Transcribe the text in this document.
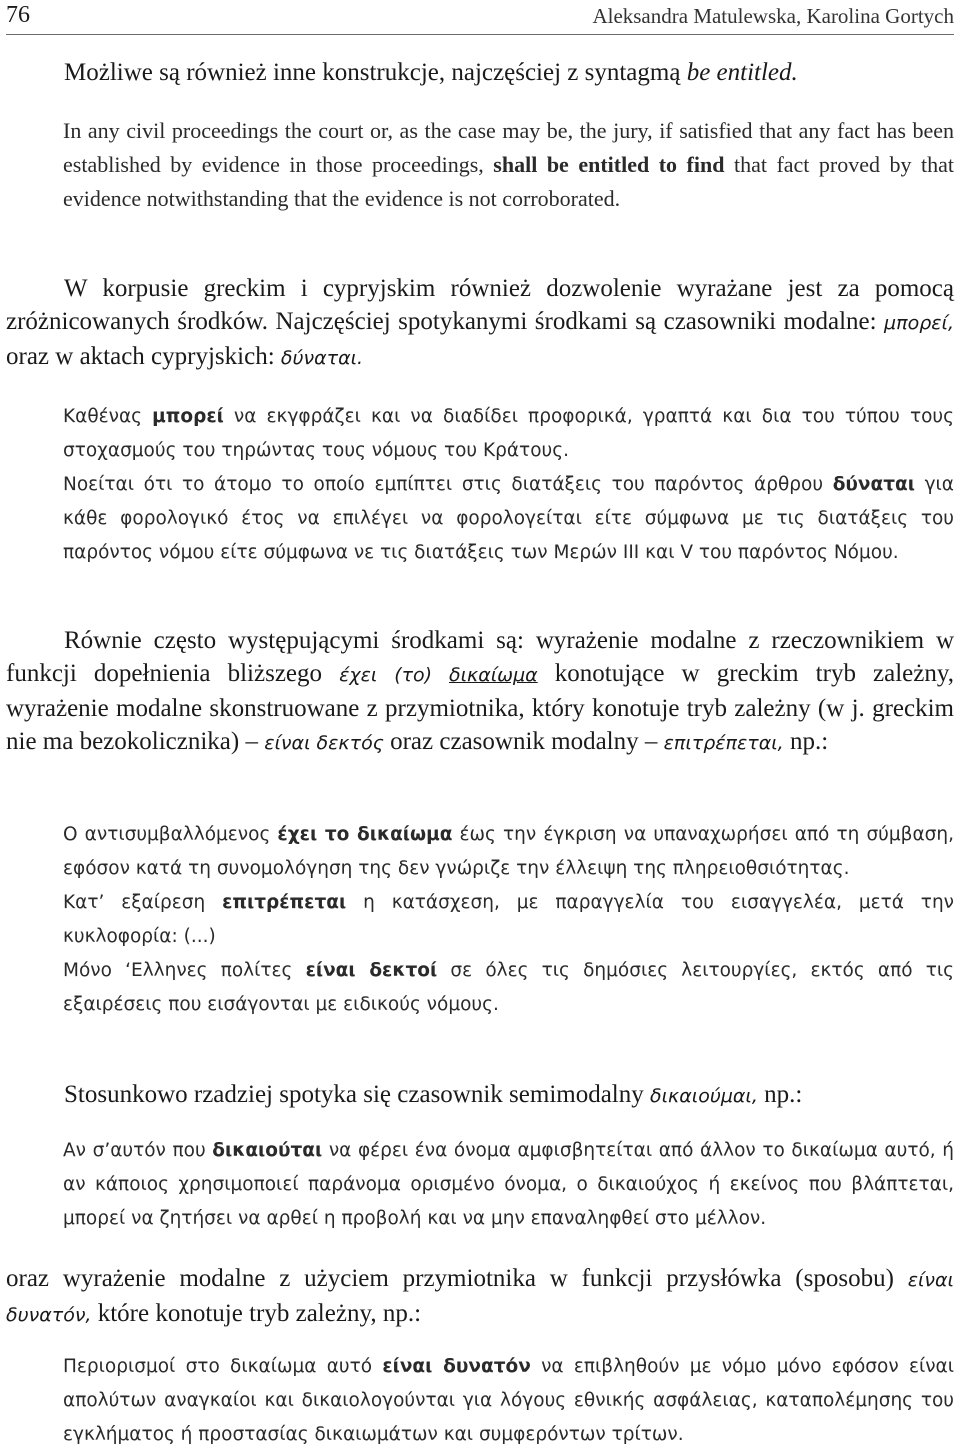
76	Aleksandra Matulewska, Karolina Gortych

Możliwe są również inne konstrukcje, najczęściej z syntagmą be entitled.

In any civil proceedings the court or, as the case may be, the jury, if satisfied that any fact has been established by evidence in those proceedings, shall be entitled to find that fact proved by that evidence notwithstanding that the evidence is not corroborated.

W korpusie greckim i cypryjskim również dozwolenie wyrażane jest za pomocą zróżnicowanych środków. Najczęściej spotykanymi środkami są czasowniki modalne: μπορεί, oraz w aktach cypryjskich: δύναται.

Καθένας μπορεί να εκγφράζει και να διαδίδει προφορικά, γραπτά και δια του τύπου τους στοχασμούς του τηρώντας τους νόμους του Κράτους.

Νοείται ότι το άτομο το οποίο εμπίπτει στις διατάξεις του παρόντος άρθρου δύναται για κάθε φορολογικό έτος να επιλέγει να φορολογείται είτε σύμφωνα με τις διατάξεις του παρόντος νόμου είτε σύμφωνα νε τις διατάξεις των Μερών III και V του παρόντος Νόμου.

Równie często występującymi środkami są: wyrażenie modalne z rzeczownikiem w funkcji dopełnienia bliższego έχει (το) δικαίωμα konotujące w greckim tryb zależny, wyrażenie modalne skonstruowane z przymiotnika, który konotuje tryb zależny (w j. greckim nie ma bezokolicznika) – είναι δεκτός oraz czasownik modalny – επιτρέπεται, np.:

Ο αντισυμβαλλόμενος έχει το δικαίωμα έως την έγκριση να υπαναχωρήσει από τη σύμβαση, εφόσον κατά τη συνομολόγηση της δεν γνώριζε την έλλειψη της πληρειοθσιότητας.

Κατ’ εξαίρεση επιτρέπεται η κατάσχεση, με παραγγελία του εισαγγελέα, μετά την κυκλοφορία: (...)

Μόνο ‘Ελληνες πολίτες είναι δεκτοί σε όλες τις δημόσιες λειτουργίες, εκτός από τις εξαιρέσεις που εισάγονται με ειδικούς νόμους.

Stosunkowo rzadziej spotyka się czasownik semimodalny δικαιούμαι, np.:

Αν σ’αυτόν που δικαιούται να φέρει ένα όνομα αμφισβητείται από άλλον το δικαίωμα αυτό, ή αν κάποιος χρησιμοποιεί παράνομα ορισμένο όνομα, ο δικαιούχος ή εκείνος που βλάπτεται, μπορεί να ζητήσει να αρθεί η προβολή και να μην επαναληφθεί στο μέλλον.

oraz wyrażenie modalne z użyciem przymiotnika w funkcji przysłówka (sposobu) είναι δυνατόν, które konotuje tryb zależny, np.:

Περιορισμοί στο δικαίωμα αυτό είναι δυνατόν να επιβληθούν με νόμο μόνο εφόσον είναι απολύτων αναγκαίοι και δικαιολογούνται για λόγους εθνικής ασφάλειας, καταπολέμησης του εγκλήματος ή προστασίας δικαιωμάτων και συμφερόντων τρίτων.
